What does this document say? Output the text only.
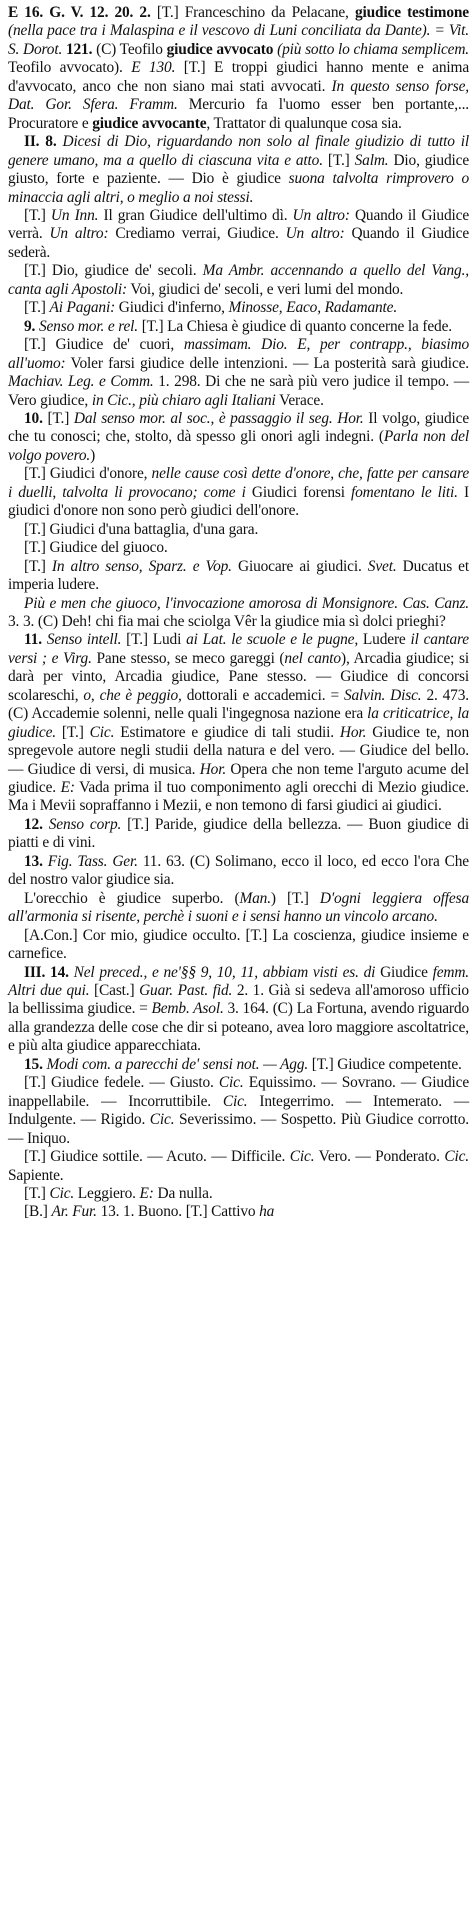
E 16. G. V. 12. 20. 2. [T.] Franceschino da Pelacane, giudice testimone (nella pace tra i Malaspina e il vescovo di Luni conciliata da Dante). = Vit. S. Dorot. 121. (C) Teofilo giudice avvocato (più sotto lo chiama semplicem. Teofilo avvocato). E 130. [T.] E troppi giudici hanno mente e anima d'avvocato, anco che non siano mai stati avvocati. In questo senso forse, Dat. Gor. Sfera. Framm. Mercurio fa l'uomo esser ben portante,... Procuratore e giudice avvocante, Trattator di qualunque cosa sia.

II. 8. Dicesi di Dio, riguardando non solo al finale giudizio di tutto il genere umano, ma a quello di ciascuna vita e atto. [T.] Salm. Dio, giudice giusto, forte e paziente. — Dio è giudice suona talvolta rimprovero o minaccia agli altri, o meglio a noi stessi.

[T.] Un Inn. Il gran Giudice dell'ultimo dì. Un altro: Quando il Giudice verrà. Un altro: Crediamo verrai, Giudice. Un altro: Quando il Giudice sederà.

[T.] Dio, giudice de' secoli. Ma Ambr. accennando a quello del Vang., canta agli Apostoli: Voi, giudici de' secoli, e veri lumi del mondo.

[T.] Ai Pagani: Giudici d'inferno, Minosse, Eaco, Radamante.

9. Senso mor. e rel. [T.] La Chiesa è giudice di quanto concerne la fede.

[T.] Giudice de' cuori, massimam. Dio. E, per contrapp., biasimo all'uomo: Voler farsi giudice delle intenzioni. — La posterità sarà giudice. Machiav. Leg. e Comm. 1. 298. Di che ne sarà più vero judice il tempo. — Vero giudice, in Cic., più chiaro agli Italiani Verace.

10. [T.] Dal senso mor. al soc., è passaggio il seg. Hor. Il volgo, giudice che tu conosci; che, stolto, dà spesso gli onori agli indegni. (Parla non del volgo povero.)

[T.] Giudici d'onore, nelle cause così dette d'onore, che, fatte per cansare i duelli, talvolta li provocano; come i Giudici forensi fomentano le liti. I giudici d'onore non sono però giudici dell'onore.

[T.] Giudici d'una battaglia, d'una gara.

[T.] Giudice del giuoco.

[T.] In altro senso, Sparz. e Vop. Giuocare ai giudici. Svet. Ducatus et imperia ludere.

Più e men che giuoco, l'invocazione amorosa di Monsignore. Cas. Canz. 3. 3. (C) Deh! chi fia mai che sciolga Vêr la giudice mia sì dolci prieghi?

11. Senso intell. [T.] Ludi ai Lat. le scuole e le pugne, Ludere il cantare versi ; e Virg. Pane stesso, se meco gareggi (nel canto), Arcadia giudice; si darà per vinto, Arcadia giudice, Pane stesso. — Giudice di concorsi scolareschi, o, che è peggio, dottorali e accademici. = Salvin. Disc. 2. 473. (C) Accademie solenni, nelle quali l'ingegnosa nazione era la criticatrice, la giudice. [T.] Cic. Estimatore e giudice di tali studii. Hor. Giudice te, non spregevole autore negli studii della natura e del vero. — Giudice del bello. — Giudice di versi, di musica. Hor. Opera che non teme l'arguto acume del giudice. E: Vada prima il tuo componimento agli orecchi di Mezio giudice. Ma i Mevii sopraffanno i Mezii, e non temono di farsi giudici ai giudici.

12. Senso corp. [T.] Paride, giudice della bellezza. — Buon giudice di piatti e di vini.

13. Fig. Tass. Ger. 11. 63. (C) Solimano, ecco il loco, ed ecco l'ora Che del nostro valor giudice sia.

L'orecchio è giudice superbo. (Man.) [T.] D'ogni leggiera offesa all'armonia si risente, perchè i suoni e i sensi hanno un vincolo arcano.

[A.Con.] Cor mio, giudice occulto. [T.] La coscienza, giudice insieme e carnefice.

III. 14. Nel preced., e ne'§§ 9, 10, 11, abbiam visti es. di Giudice femm. Altri due qui. [Cast.] Guar. Past. fid. 2. 1. Già si sedeva all'amoroso ufficio la bellissima giudice. = Bemb. Asol. 3. 164. (C) La Fortuna, avendo riguardo alla grandezza delle cose che dir si poteano, avea loro maggiore ascoltatrice, e più alta giudice apparecchiata.

15. Modi com. a parecchi de' sensi not. — Agg. [T.] Giudice competente.

[T.] Giudice fedele. — Giusto. Cic. Equissimo. — Sovrano. — Giudice inappellabile. — Incorruttibile. Cic. Integerrimo. — Intemerato. — Indulgente. — Rigido. Cic. Severissimo. — Sospetto. Più Giudice corrotto. — Iniquo.

[T.] Giudice sottile. — Acuto. — Difficile. Cic. Vero. — Ponderato. Cic. Sapiente.

[T.] Cic. Leggiero. E: Da nulla.

[B.] Ar. Fur. 13. 1. Buono. [T.] Cattivo ha
